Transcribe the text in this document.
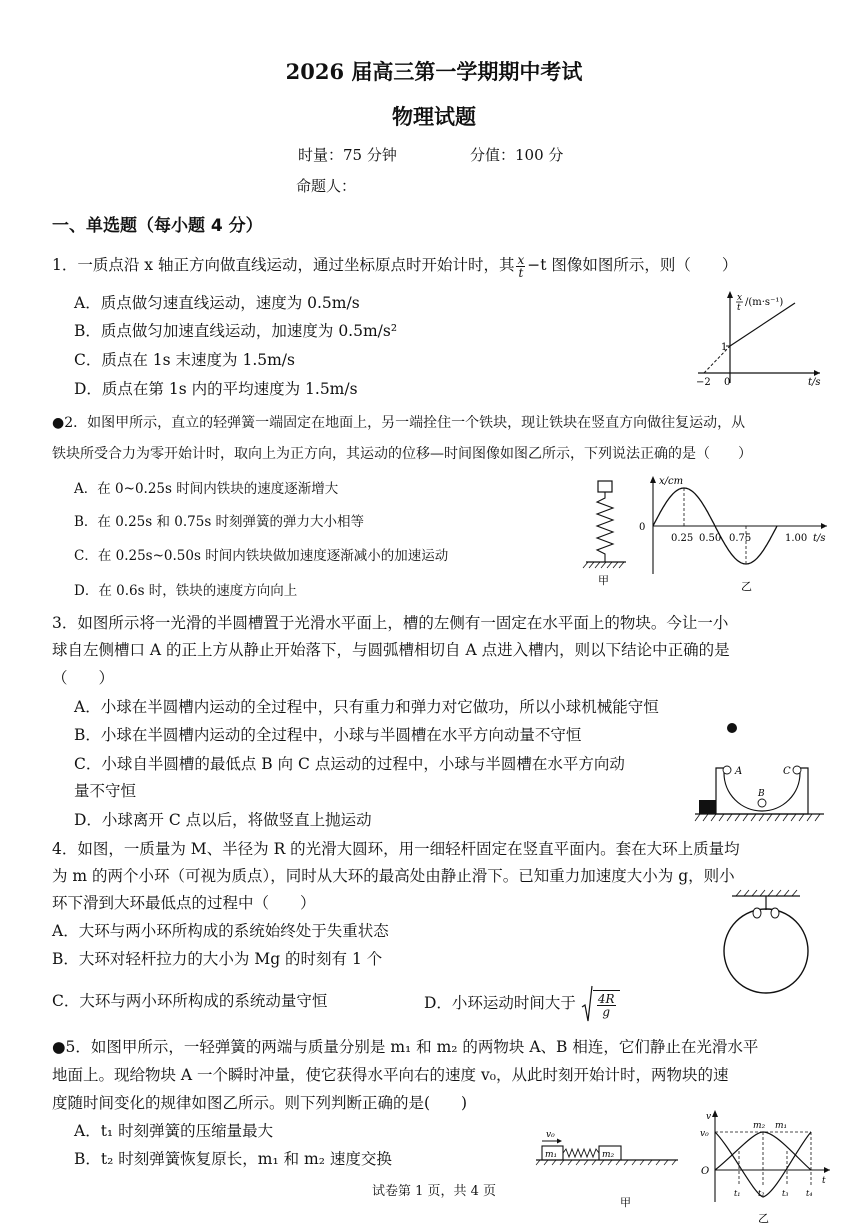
2026 届高三第一学期期中考试
物理试题
时量：75 分钟	分值：100 分
命题人：
一、单选题（每小题 4 分）
1．一质点沿 x 轴正方向做直线运动，通过坐标原点时开始计时，其 $\frac{x}{t} -t$ 图像如图所示，则（　　）
A．质点做匀速直线运动，速度为 0.5m/s
B．质点做匀加速直线运动，加速度为 0.5m/s²
C．质点在 1s 末速度为 1.5m/s
D．质点在第 1s 内的平均速度为 1.5m/s
x
t /(m·s⁻¹)
1
−2 0	t/s
●2．如图甲所示，直立的轻弹簧一端固定在地面上，另一端拴住一个铁块，现让铁块在竖直方向做往复运动，从
铁块所受合力为零开始计时，取向上为正方向，其运动的位移—时间图像如图乙所示，下列说法正确的是（　　）
A．在 0~0.25s 时间内铁块的速度逐渐增大
B．在 0.25s 和 0.75s 时刻弹簧的弹力大小相等
C．在 0.25s~0.50s 时间内铁块做加速度逐渐减小的加速运动
D．在 0.6s 时，铁块的速度方向向上
甲
0
x/cm
0.25 0.50 0.75	1.00 t/s
乙
3．如图所示将一光滑的半圆槽置于光滑水平面上，槽的左侧有一固定在水平面上的物块。今让一小
球自左侧槽口 A 的正上方从静止开始落下，与圆弧槽相切自 A 点进入槽内，则以下结论中正确的是
（　　）
A．小球在半圆槽内运动的全过程中，只有重力和弹力对它做功，所以小球机械能守恒
B．小球在半圆槽内运动的全过程中，小球与半圆槽在水平方向动量不守恒
C．小球自半圆槽的最低点 B 向 C 点运动的过程中，小球与半圆槽在水平方向动
量不守恒
D．小球离开 C 点以后，将做竖直上抛运动
A
B
C
4．如图，一质量为 M、半径为 R 的光滑大圆环，用一细轻杆固定在竖直平面内。套在大环上质量均
为 m 的两个小环（可视为质点），同时从大环的最高处由静止滑下。已知重力加速度大小为 g，则小
环下滑到大环最低点的过程中（　　）
A．大环与两小环所构成的系统始终处于失重状态
B．大环对轻杆拉力的大小为 Mg 的时刻有 1 个
C．大环与两小环所构成的系统动量守恒	D．小环运动时间大于 $\frac{4R}{g}$
●5．如图甲所示，一轻弹簧的两端与质量分别是 m₁ 和 m₂ 的两物块 A、B 相连，它们静止在光滑水平
地面上。现给物块 A 一个瞬时冲量，使它获得水平向右的速度 v₀，从此时刻开始计时，两物块的速
度随时间变化的规律如图乙所示。则下列判断正确的是(　　)
A．t₁ 时刻弹簧的压缩量最大
B．t₂ 时刻弹簧恢复原长，m₁ 和 m₂ 速度交换
v₀
m₁	m₂
甲
v
v₀
O
m₂ m₁
t
t₁ t₂ t₃ t₄
乙
试卷第 1 页，共 4 页
